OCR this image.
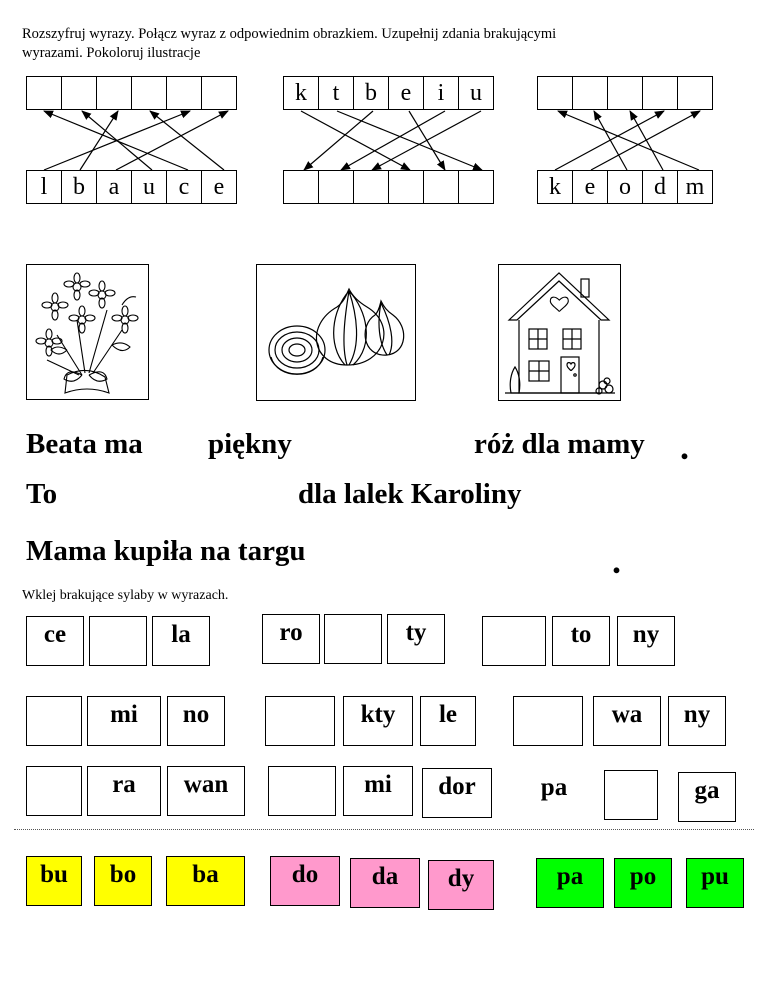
Rozszyfruj wyrazy. Połącz wyraz z odpowiednim obrazkiem. Uzupełnij zdania brakującymi
wyrazami. Pokoloruj ilustracje
k	t	b e	i	u
l	b a u c	e	k e o d m
Beata ma piękny	róż dla mamy .
To	dla lalek Karoliny
Mama kupiła na targu	.
Wklej brakujące sylaby w wyrazach.
ce	la	ro	ty	to	ny
mi	no	kty	le	wa	ny
ra	wan	mi	dor	pa	ga
bu	bo	ba	do	da	dy	pa	po	pu
